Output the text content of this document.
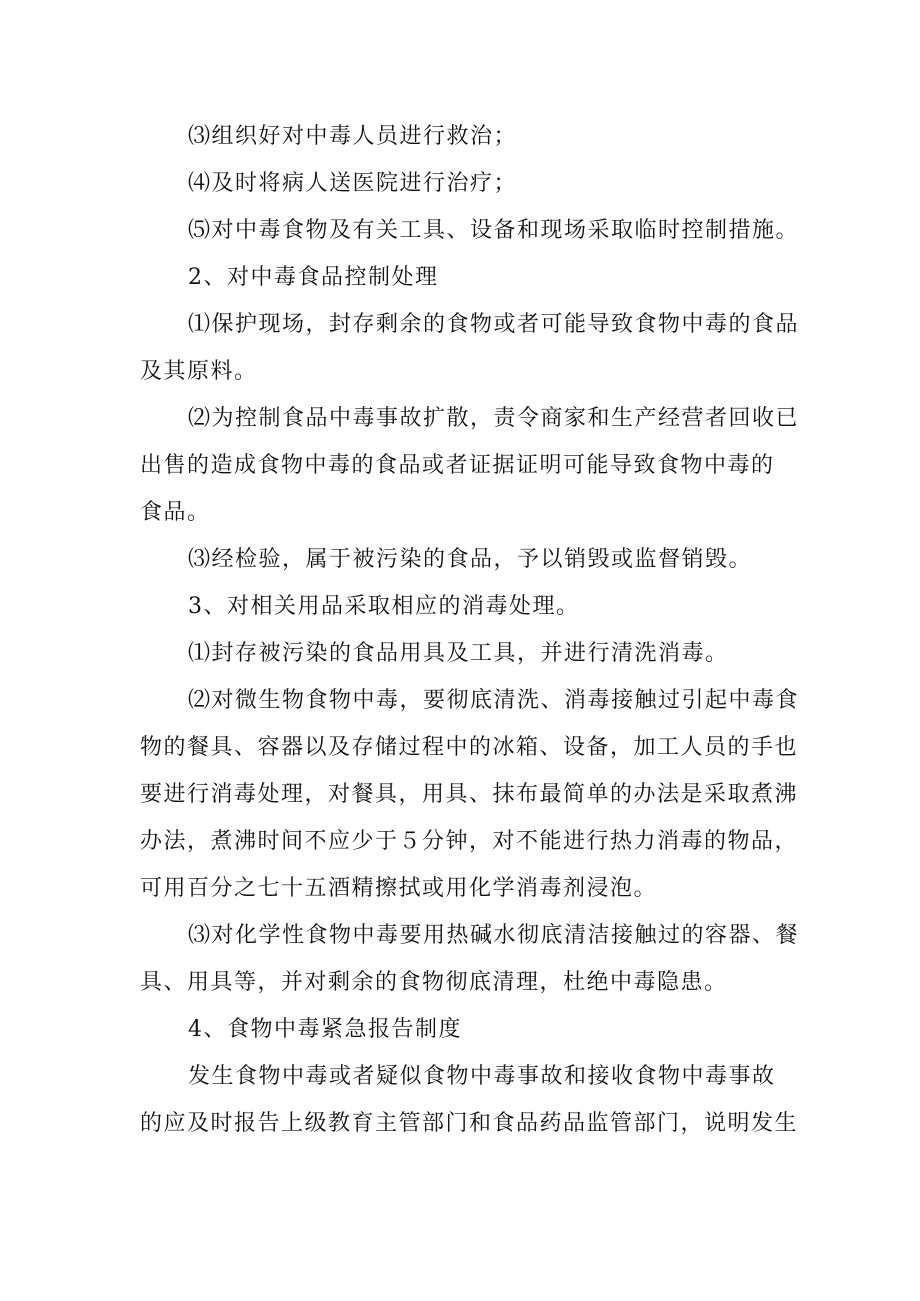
⑶组织好对中毒人员进行救治；
⑷及时将病人送医院进行治疗；
⑸对中毒食物及有关工具、设备和现场采取临时控制措施。
2、对中毒食品控制处理
⑴保护现场，封存剩余的食物或者可能导致食物中毒的食品
及其原料。
⑵为控制食品中毒事故扩散，责令商家和生产经营者回收已
出售的造成食物中毒的食品或者证据证明可能导致食物中毒的
食品。
⑶经检验，属于被污染的食品，予以销毁或监督销毁。
3、对相关用品采取相应的消毒处理。
⑴封存被污染的食品用具及工具，并进行清洗消毒。
⑵对微生物食物中毒，要彻底清洗、消毒接触过引起中毒食
物的餐具、容器以及存储过程中的冰箱、设备，加工人员的手也
要进行消毒处理，对餐具，用具、抹布最简单的办法是采取煮沸
办法，煮沸时间不应少于５分钟，对不能进行热力消毒的物品，
可用百分之七十五酒精擦拭或用化学消毒剂浸泡。
⑶对化学性食物中毒要用热碱水彻底清洁接触过的容器、餐
具、用具等，并对剩余的食物彻底清理，杜绝中毒隐患。
4、食物中毒紧急报告制度
发生食物中毒或者疑似食物中毒事故和接收食物中毒事故
的应及时报告上级教育主管部门和食品药品监管部门，说明发生
